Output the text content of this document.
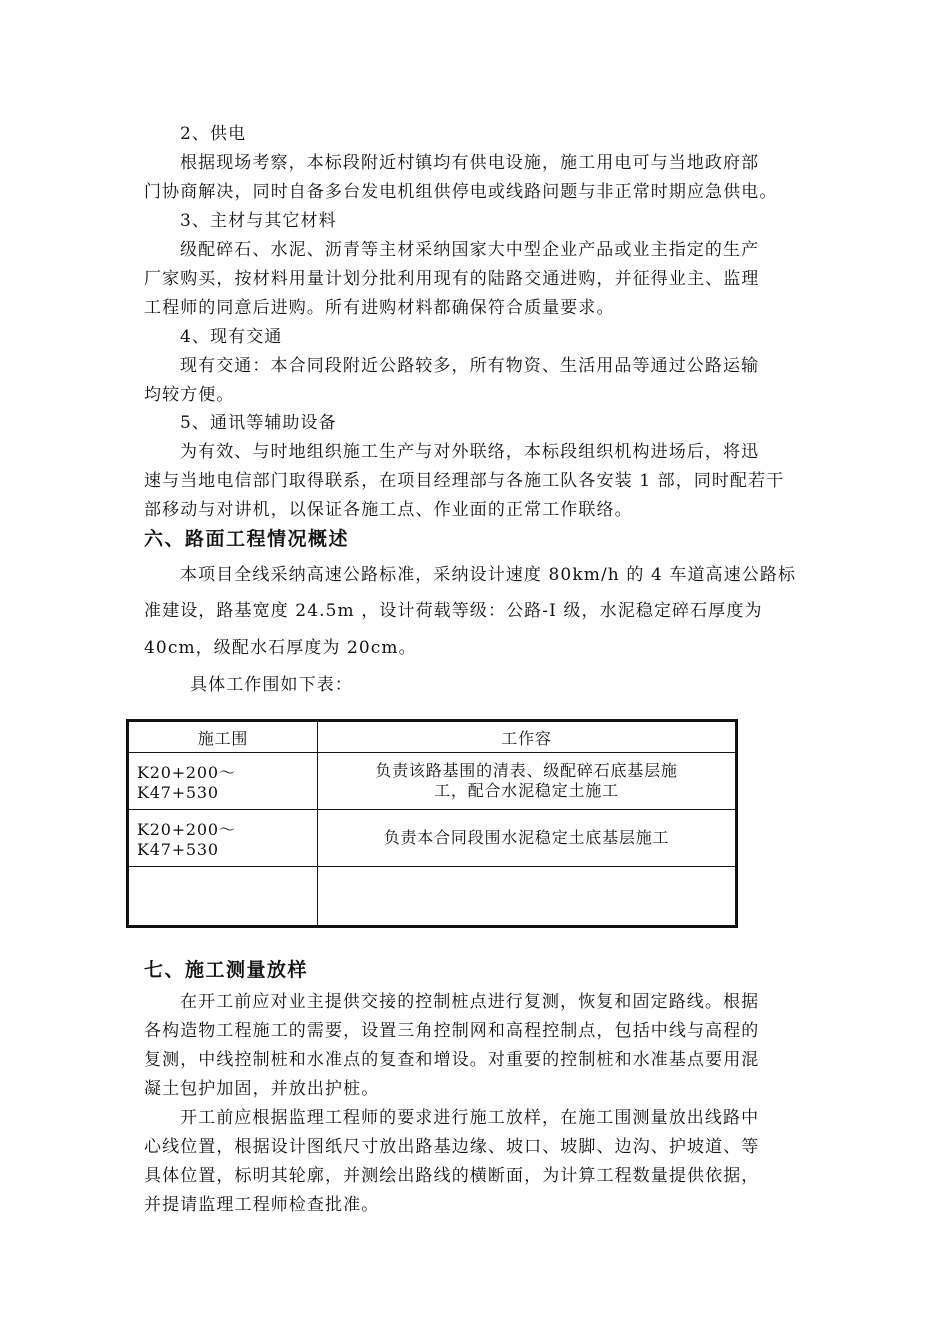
2、供电
根据现场考察，本标段附近村镇均有供电设施，施工用电可与当地政府部
门协商解决，同时自备多台发电机组供停电或线路问题与非正常时期应急供电。
3、主材与其它材料
级配碎石、水泥、沥青等主材采纳国家大中型企业产品或业主指定的生产
厂家购买，按材料用量计划分批利用现有的陆路交通进购，并征得业主、监理
工程师的同意后进购。所有进购材料都确保符合质量要求。
4、现有交通
现有交通：本合同段附近公路较多，所有物资、生活用品等通过公路运输
均较方便。
5、通讯等辅助设备
为有效、与时地组织施工生产与对外联络，本标段组织机构进场后，将迅
速与当地电信部门取得联系，在项目经理部与各施工队各安装 1 部，同时配若干
部移动与对讲机，以保证各施工点、作业面的正常工作联络。
六、路面工程情况概述
本项目全线采纳高速公路标准，采纳设计速度 80km/h 的 4 车道高速公路标
准建设，路基宽度 24.5m ，设计荷载等级：公路-Ⅰ 级，水泥稳定碎石厚度为
40cm，级配水石厚度为 20cm。
具体工作围如下表：
施工围	工作容
K20+200～K47+530	负责该路基围的清表、级配碎石底基层施
工，配合水泥稳定土施工

K20+200～K47+530	负责本合同段围水泥稳定土底基层施工

七、施工测量放样
在开工前应对业主提供交接的控制桩点进行复测，恢复和固定路线。根据
各构造物工程施工的需要，设置三角控制网和高程控制点，包括中线与高程的
复测，中线控制桩和水准点的复查和增设。对重要的控制桩和水准基点要用混
凝土包护加固，并放出护桩。
开工前应根据监理工程师的要求进行施工放样，在施工围测量放出线路中
心线位置，根据设计图纸尺寸放出路基边缘、坡口、坡脚、边沟、护坡道、等
具体位置，标明其轮廓，并测绘出路线的横断面，为计算工程数量提供依据，
并提请监理工程师检查批准。
